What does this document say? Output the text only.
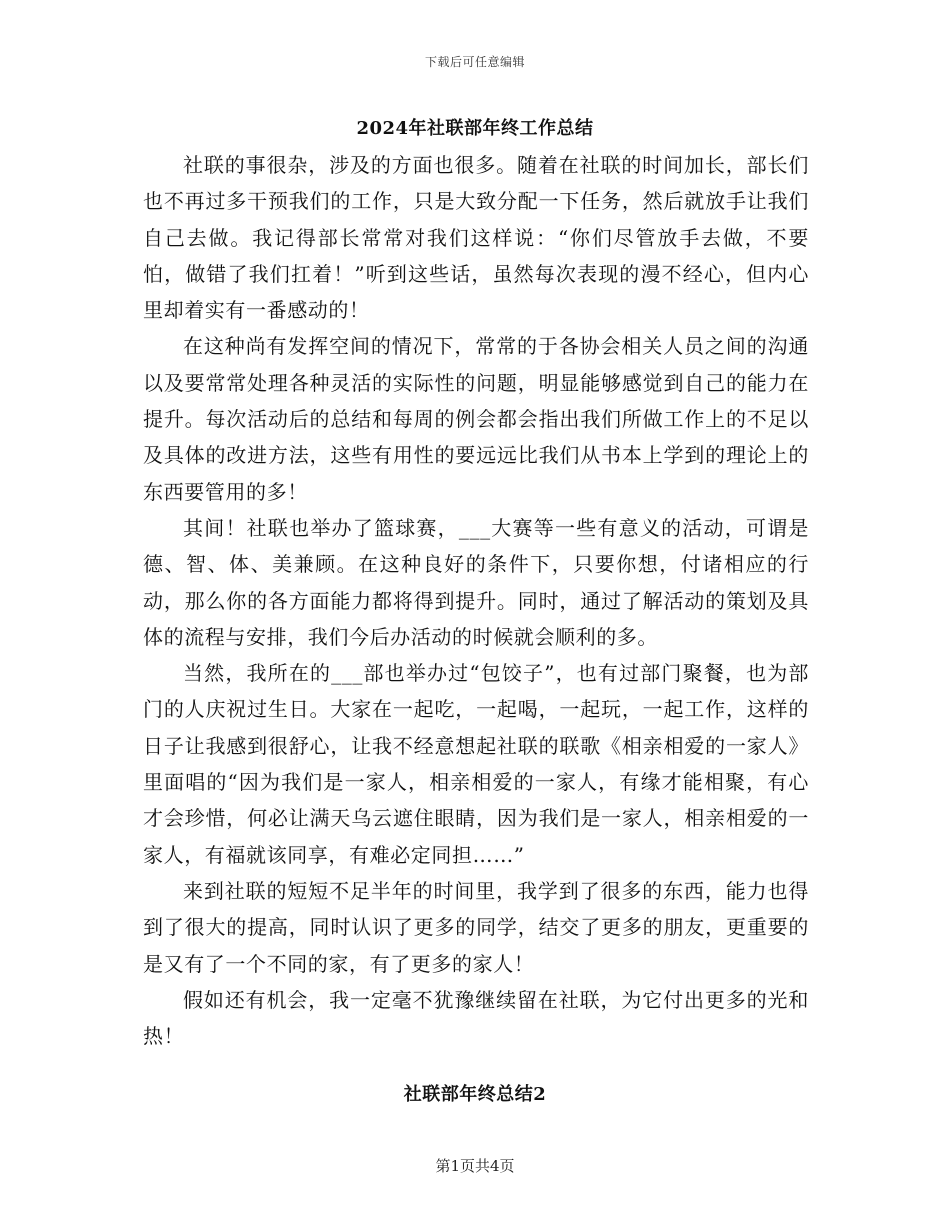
下载后可任意编辑
2024年社联部年终工作总结

社联的事很杂，涉及的方面也很多。随着在社联的时间加长，部长们也不再过多干预我们的工作，只是大致分配一下任务，然后就放手让我们自己去做。我记得部长常常对我们这样说：“你们尽管放手去做，不要怕，做错了我们扛着！”听到这些话，虽然每次表现的漫不经心，但内心里却着实有一番感动的！

在这种尚有发挥空间的情况下，常常的于各协会相关人员之间的沟通以及要常常处理各种灵活的实际性的问题，明显能够感觉到自己的能力在提升。每次活动后的总结和每周的例会都会指出我们所做工作上的不足以及具体的改进方法，这些有用性的要远远比我们从书本上学到的理论上的东西要管用的多！

其间！社联也举办了篮球赛，___大赛等一些有意义的活动，可谓是德、智、体、美兼顾。在这种良好的条件下，只要你想，付诸相应的行动，那么你的各方面能力都将得到提升。同时，通过了解活动的策划及具体的流程与安排，我们今后办活动的时候就会顺利的多。

当然，我所在的___部也举办过“包饺子”，也有过部门聚餐，也为部门的人庆祝过生日。大家在一起吃，一起喝，一起玩，一起工作，这样的日子让我感到很舒心，让我不经意想起社联的联歌《相亲相爱的一家人》里面唱的“因为我们是一家人，相亲相爱的一家人，有缘才能相聚，有心才会珍惜，何必让满天乌云遮住眼睛，因为我们是一家人，相亲相爱的一家人，有福就该同享，有难必定同担……”

来到社联的短短不足半年的时间里，我学到了很多的东西，能力也得到了很大的提高，同时认识了更多的同学，结交了更多的朋友，更重要的是又有了一个不同的家，有了更多的家人！

假如还有机会，我一定毫不犹豫继续留在社联，为它付出更多的光和热！

社联部年终总结2
第1页共4页
